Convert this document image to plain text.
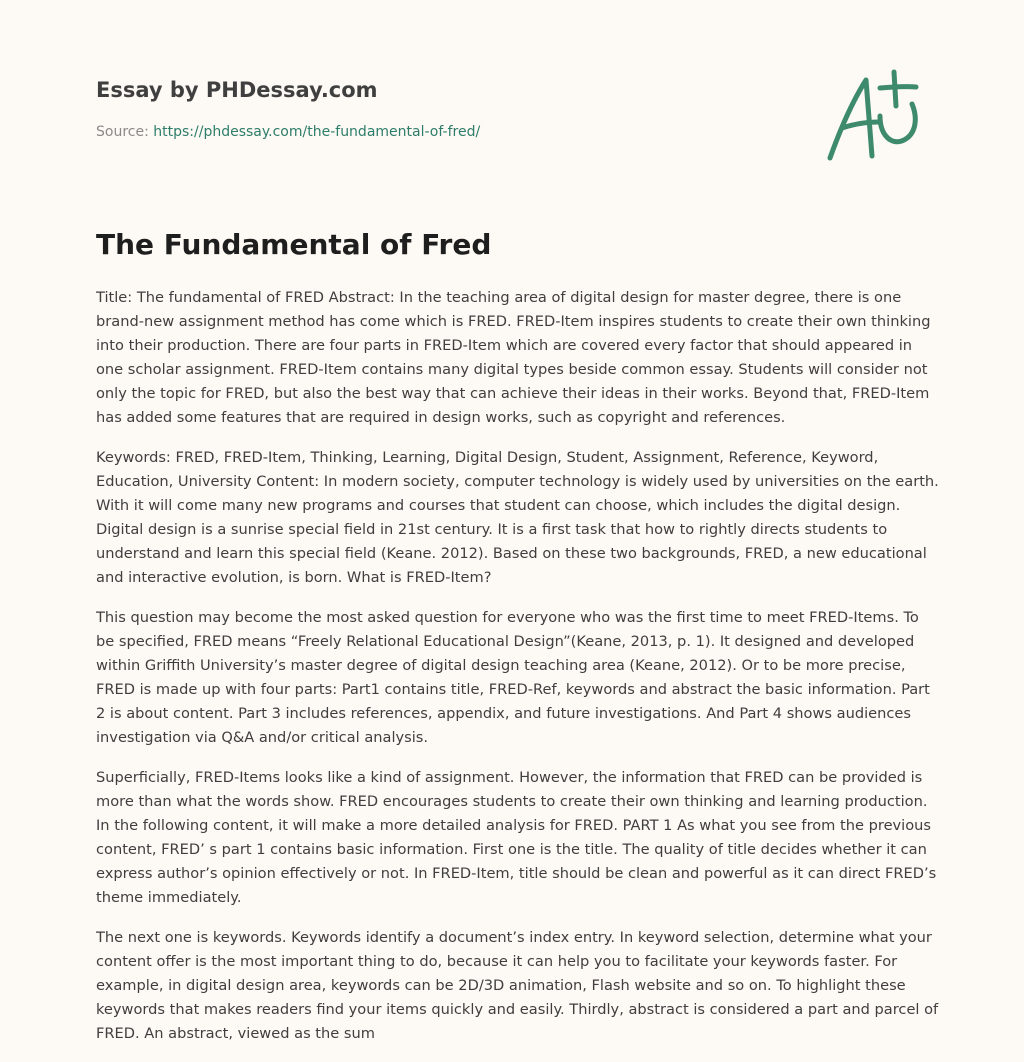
Essay by PHDessay.com
Source: https://phdessay.com/the-fundamental-of-fred/
The Fundamental of Fred

Title: The fundamental of FRED Abstract: In the teaching area of digital design for master degree, there is one brand-new assignment method has come which is FRED. FRED-Item inspires students to create their own thinking into their production. There are four parts in FRED-Item which are covered every factor that should appeared in one scholar assignment. FRED-Item contains many digital types beside common essay. Students will consider not only the topic for FRED, but also the best way that can achieve their ideas in their works. Beyond that, FRED-Item has added some features that are required in design works, such as copyright and references.

Keywords: FRED, FRED-Item, Thinking, Learning, Digital Design, Student, Assignment, Reference, Keyword, Education, University Content: In modern society, computer technology is widely used by universities on the earth. With it will come many new programs and courses that student can choose, which includes the digital design. Digital design is a sunrise special field in 21st century. It is a first task that how to rightly directs students to understand and learn this special field (Keane. 2012). Based on these two backgrounds, FRED, a new educational and interactive evolution, is born. What is FRED-Item?

This question may become the most asked question for everyone who was the first time to meet FRED-Items. To be specified, FRED means “Freely Relational Educational Design”(Keane, 2013, p. 1). It designed and developed within Griffith University’s master degree of digital design teaching area (Keane, 2012). Or to be more precise, FRED is made up with four parts: Part1 contains title, FRED-Ref, keywords and abstract the basic information. Part 2 is about content. Part 3 includes references, appendix, and future investigations. And Part 4 shows audiences investigation via Q&A and/or critical analysis.

Superficially, FRED-Items looks like a kind of assignment. However, the information that FRED can be provided is more than what the words show. FRED encourages students to create their own thinking and learning production. In the following content, it will make a more detailed analysis for FRED. PART 1 As what you see from the previous content, FRED’ s part 1 contains basic information. First one is the title. The quality of title decides whether it can express author’s opinion effectively or not. In FRED-Item, title should be clean and powerful as it can direct FRED’s theme immediately.

The next one is keywords. Keywords identify a document’s index entry. In keyword selection, determine what your content offer is the most important thing to do, because it can help you to facilitate your keywords faster. For example, in digital design area, keywords can be 2D/3D animation, Flash website and so on. To highlight these keywords that makes readers find your items quickly and easily. Thirdly, abstract is considered a part and parcel of FRED. An abstract, viewed as the sum
